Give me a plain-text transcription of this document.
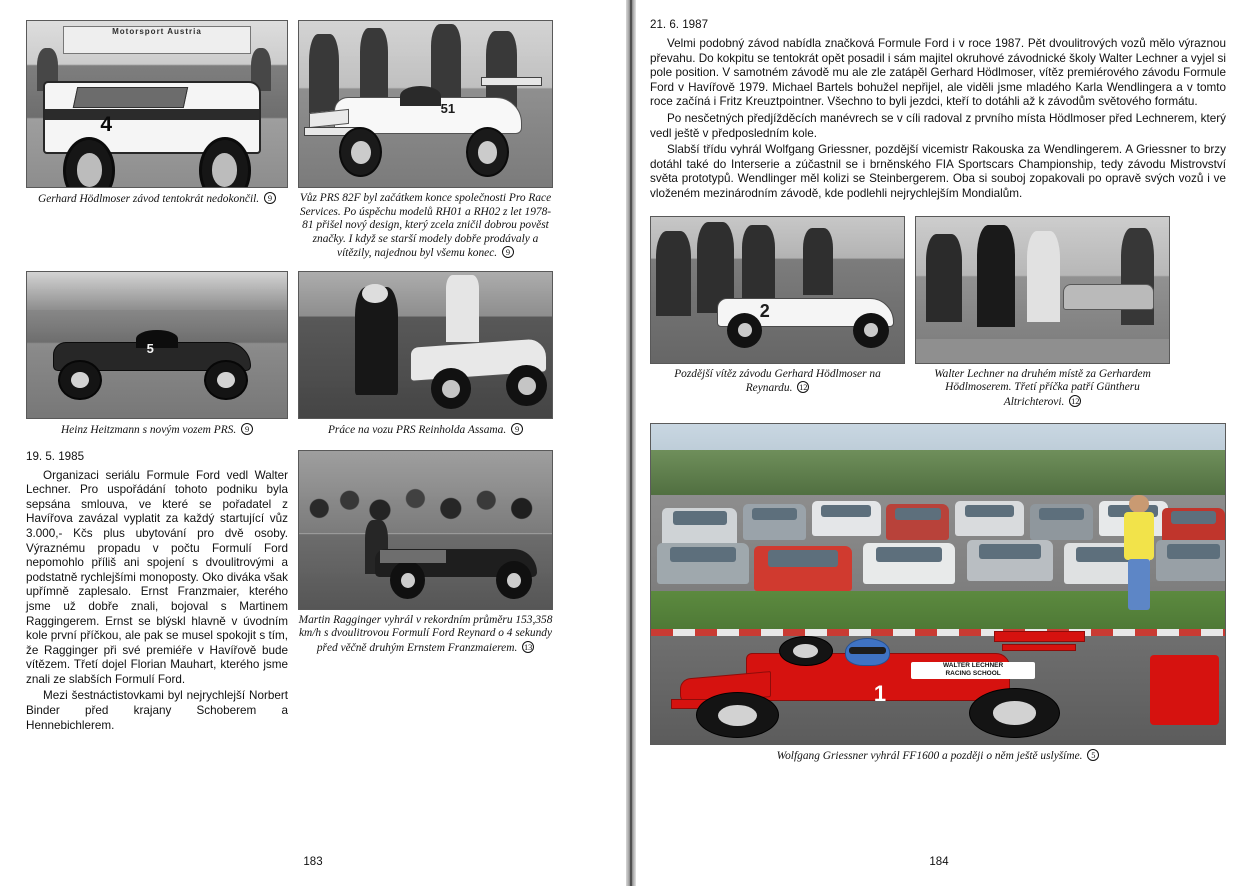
Motorsport Austria
4
Gerhard Hödlmoser závod tentokrát nedokončil. 9
51
Vůz PRS 82F byl začátkem konce společnosti Pro Race Services. Po úspěchu modelů RH01 a RH02 z let 1978-81 přišel nový design, který zcela zničil dobrou pověst značky. I když se starší modely dobře prodávaly a vítězily, najednou byl všemu konec. 9
5
Heinz Heitzmann s novým vozem PRS. 9	Práce na vozu PRS Reinholda Assama. 9
19. 5. 1985

Organizaci seriálu Formule Ford vedl Walter Lechner. Pro uspořádání tohoto podniku byla sepsána smlouva, ve které se pořadatel z Havířova zavázal vyplatit za každý startující vůz 3.000,- Kčs plus ubytování pro dvě osoby. Výraznému propadu v počtu Formulí Ford nepomohlo příliš ani spojení s dvoulitrovými a podstatně rychlejšími monoposty. Oko diváka však upřímně zaplesalo. Ernst Franzmaier, kterého jsme už dobře znali, bojoval s Martinem Raggingerem. Ernst se blýskl hlavně v úvodním kole první příčkou, ale pak se musel spokojit s tím, že Ragginger při své premiéře v Havířově bude vítězem. Třetí dojel Florian Mauhart, kterého jsme znali ze slabších Formulí Ford.

Mezi šestnáctistovkami byl nejrychlejší Norbert Binder před krajany Schoberem a Hennebichlerem.

Martin Ragginger vyhrál v rekordním průměru 153,358 km/h s dvoulitrovou Formulí Ford Reynard o 4 sekundy před věčně druhým Ernstem Franzmaierem. 13
183
21. 6. 1987

Velmi podobný závod nabídla značková Formule Ford i v roce 1987. Pět dvoulitrových vozů mělo výraznou převahu. Do kokpitu se tentokrát opět posadil i sám majitel okruhové závodnické školy Walter Lechner a vyjel si pole position. V samotném závodě mu ale zle zatápěl Gerhard Hödlmoser, vítěz premiérového závodu Formule Ford v Havířově 1979. Michael Bartels bohužel nepřijel, ale viděli jsme mladého Karla Wendlingera a v tomto roce začíná i Fritz Kreuztpointner. Všechno to byli jezdci, kteří to dotáhli až k závodům světového formátu.

Po nesčetných předjížděcích manévrech se v cíli radoval z prvního místa Hödlmoser před Lechnerem, který vedl ještě v předposledním kole.

Slabší třídu vyhrál Wolfgang Griessner, pozdější vicemistr Rakouska za Wendlingerem. A Griessner to brzy dotáhl také do Interserie a zúčastnil se i brněnského FIA Sportscars Championship, tedy závodu Mistrovství světa prototypů. Wendlinger měl kolizi se Steinbergerem. Oba si souboj zopakovali po opravě svých vozů i ve vloženém mezinárodním závodě, kde podlehli nejrychlejším Mondialům.

2
Pozdější vítěz závodu Gerhard Hödlmoser na Reynardu. 12
Walter Lechner na druhém místě za Gerhardem Hödlmoserem. Třetí příčka patří Güntheru Altrichterovi. 12
WALTER LECHNER
RACING SCHOOL
1
Wolfgang Griessner vyhrál FF1600 a později o něm ještě uslyšíme. 5
184
